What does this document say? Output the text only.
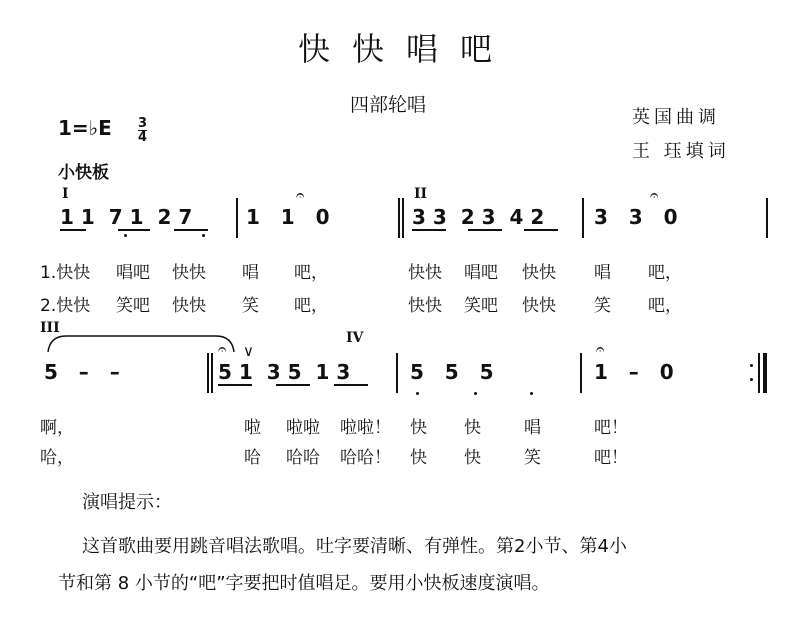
快快唱吧
四部轮唱
英国曲调
王 珏填词
1=♭E $\frac{3}{4}$
小快板
I	II
1 1  7 1  2 7	1   1   0	3 3  2 3  4 2 3   3   0
𝄐	𝄐
1.快快 唱吧 快快 唱 吧，	快快 唱吧 快快 唱 吧，
2.快快 笑吧 快快 笑 吧，	快快 笑吧 快快 笑 吧，
III
IV
5   –   –	5 1  3 5  1 3	5   5   5	1   –   0
𝄐 ∨	𝄐
啊，	啦 啦啦 啦啦！ 快 快	唱	吧！
哈，	哈 哈哈 哈哈！ 快 快	笑	吧！
演唱提示：
这首歌曲要用跳音唱法歌唱。吐字要清晰、有弹性。第2小节、第4小
节和第 8 小节的“吧”字要把时值唱足。要用小快板速度演唱。
